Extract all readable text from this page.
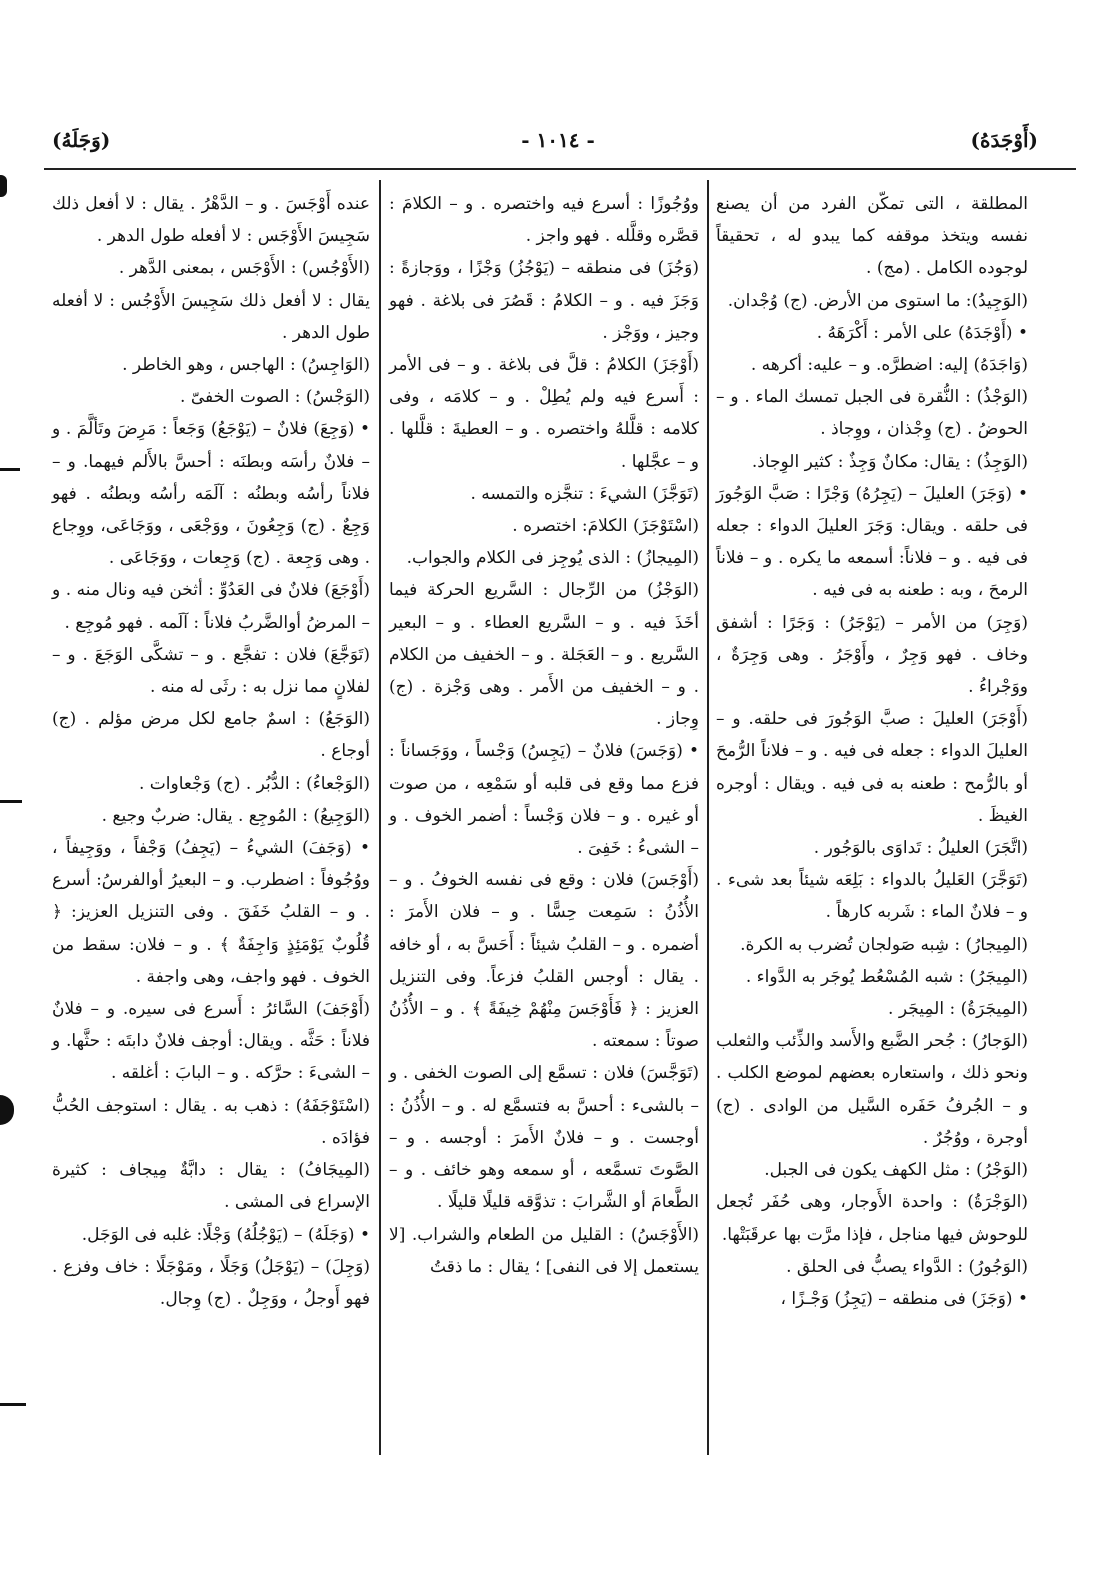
(أَوْجَدَهُ)
- ١٠١٤ -
(وَجَلَهُ)

المطلقة ، التى تمكّن الفرد من أن يصنع نفسه ويتخذ موقفه كما يبدو له ، تحقيقاً لوجوده الكامل . (مج) .

(الوَجِيدُ): ما استوى من الأرض. (ج) وُجْدان.

• (أَوْجَدَهُ) على الأمر : أَكْرَهَهُ .

(وَاجَدَهُ) إليه: اضطرَّه. و – عليه: أكرهه .

(الوَجْذُ) : النُّقرة فى الجبل تمسك الماء . و – الحوضُ . (ج) وِجْذان ، ووِجاذ .

(الوَجِذُ) : يقال: مكانٌ وَجِذٌ : كثير الوِجاذ.

• (وَجَرَ) العليلَ – (يَجِرُهُ) وَجْرًا : صَبَّ الوَجُورَ فى حلقه . ويقال: وَجَرَ العليلَ الدواء : جعله فى فيه . و – فلاناً: أسمعه ما يكره . و – فلاناً الرمحَ ، وبه : طعنه به فى فيه .

(وَجِرَ) من الأمر – (يَوْجَرُ) : وَجَرًا : أشفق وخاف . فهو وَجِرٌ ، وأَوْجَرُ . وهى وَجِرَةٌ ، ووَجْراءُ .

(أَوْجَرَ) العليلَ : صبَّ الوَجُورَ فى حلقه. و – العليلَ الدواء : جعله فى فيه . و – فلاناً الرُّمحَ أو بالرُّمح : طعنه به فى فيه . ويقال : أوجره الغيظَ .

(اتَّجَرَ) العليلُ : تَداوَى بالوَجُور .

(تَوَجَّرَ) العَليلُ بالدواء : بَلِعَه شيئاً بعد شىء . و – فلانٌ الماء : شَربه كارهاً .

(المِيجارُ) : شِبه صَولجان تُضرب به الكرة.

(المِيجَرُ) : شبه المُسْعُط يُوجَر به الدَّواء .

(المِيجَرَةُ) : المِيجَر .

(الوَجارُ) : جُحر الضَّبع والأَسد والذِّئب والثعلب ونحو ذلك ، واستعاره بعضهم لموضع الكلب . و – الجُرفُ حَفَره السَّيل من الوادى . (ج) أوجرة ، ووُجُرٌ .

(الوَجْرُ) : مثل الكهف يكون فى الجبل.

(الوَجْرَةُ) : واحدة الأَوجار، وهى حُفَر تُجعل للوحوش فيها مناجل ، فإذا مرَّت بها عرقَبَتْها.

(الوَجُورُ) : الدَّواء يصبُّ فى الحلق .

• (وَجَزَ) فى منطقه – (يَجِزُ) وَجْـزًا ،

ووُجُوزًا : أسرع فيه واختصره . و – الكلامَ : قصَّره وقلَّله . فهو واجز .

(وَجُزَ) فى منطقه – (يَوْجُزُ) وَجْزًا ، ووَجازةً : وَجَزَ فيه . و – الكلامُ : قَصُرَ فى بلاغة . فهو وجيز ، ووَجْز .

(أَوْجَزَ) الكلامُ : قلَّ فى بلاغة . و – فى الأمر : أَسرع فيه ولم يُطِلْ . و – كلامَه ، وفى كلامه : قلَّلهُ واختصره . و – العطيةَ : قلَّلها . و – عجَّلها .

(تَوَجَّزَ) الشيءَ : تنجَّزه والتمسه .

(اسْتَوْجَزَ) الكلامَ: اختصره .

(المِيجازُ) : الذى يُوجِز فى الكلام والجواب.

(الوَجْزُ) من الرِّجال : السَّريع الحركة فيما أخَذَ فيه . و – السَّريع العطاء . و – البعير السَّريع . و – العَجَلة . و – الخفيف من الكلام . و – الخفيف من الأَمر . وهى وَجْزة . (ج) وِجاز .

• (وَجَسَ) فلانٌ – (يَجِسُ) وَجْساً ، ووَجَساناً : فزع مما وقع فى قلبه أو سَمْعِه ، من صوت أو غيره . و – فلان وَجْساً : أضمر الخوف . و – الشىءُ : خَفِىَ .

(أَوْجَسَ) فلان : وقع فى نفسه الخوفُ . و – الأُذُنُ : سَمِعت حِسًّا . و – فلان الأَمرَ : أضمره . و – القلبُ شيئاً : أَحَسَّ به ، أو خافه . يقال : أوجس القلبُ فزعاً. وفى التنزيل العزيز : ﴿ فَأَوْجَسَ مِنْهُمْ خِيفَةً ﴾ . و – الأُذُنُ صوتاً : سمعته .

(تَوَجَّسَ) فلان : تسمَّع إلى الصوت الخفى . و – بالشىء : أحسَّ به فتسمَّع له . و – الأُذُنُ : أوجست . و – فلانٌ الأَمرَ : أوجسه . و – الصَّوتَ تسمَّعه ، أو سمعه وهو خائف . و – الطَّعامَ أو الشَّرابَ : تذوَّقه قليلًا قليلًا .

(الأَوْجَسُ) : القليل من الطعام والشراب. [لا يستعمل إلا فى النفى] ؛ يقال : ما ذقتُ

عنده أَوْجَسَ . و – الدَّهْرُ . يقال : لا أفعل ذلك سَجِيسَ الأَوْجَس : لا أفعله طول الدهر .

(الأَوْجُس) : الأَوْجَس ، بمعنى الدَّهر .

يقال : لا أفعل ذلك سَجِيسَ الأَوْجُس : لا أفعله طول الدهر .

(الوَاجِسُ) : الهاجس ، وهو الخاطر .

(الوَجْسُ) : الصوت الخفىّ .

• (وَجِعَ) فلانٌ – (يَوْجَعُ) وَجَعاً : مَرِضَ وتَألَّمَ . و – فلانٌ رأسَه وبطنَه : أحسَّ بالأَلم فيهما. و – فلاناً رأسُه وبطنُه : آلَمَه رأسُه وبطنُه . فهو وَجِعٌ . (ج) وَجِعُونَ ، ووَجْعَى ، ووَجَاعَى، ووِجاع . وهى وَجِعة . (ج) وَجِعات ، ووَجَاعَى .

(أَوْجَعَ) فلانٌ فى العَدُوِّ : أثخن فيه ونال منه . و – المرضُ أوالضَّربُ فلاناً : آلَمه . فهو مُوجِع .

(تَوَجَّعَ) فلان : تفجَّع . و – تشكَّى الوَجَعَ . و – لفلانٍ مما نزل به : رثَى له منه .

(الوَجَعُ) : اسمٌ جامع لكل مرض مؤلم . (ج) أوجاع .

(الوَجْعاءُ) : الدُّبُر . (ج) وَجْعاوات .

(الوَجِيعُ) : المُوجِع . يقال: ضربٌ وجيع .

• (وَجَفَ) الشيءُ – (يَجِفُ) وَجْفاً ، ووَجِيفاً ، ووُجُوفاً : اضطرب. و – البعيرُ أوالفرسُ: أسرع . و – القلبُ خَفَقَ . وفى التنزيل العزيز: ﴿ قُلُوبٌ يَوْمَئِذٍ وَاجِفَةٌ ﴾ . و – فلان: سقط من الخوف . فهو واجف، وهى واجفة .

(أَوْجَفَ) السَّائرُ : أَسرع فى سيره. و – فلانٌ فلاناً : حَثَّه . ويقال: أوجف فلانٌ دابتَه : حثَّها. و – الشىءَ : حرَّكه . و – البابَ : أغلقه .

(اسْتَوْجَفَهُ) : ذهب به . يقال : استوجف الحُبُّ فؤادَه .

(المِيجَافُ) : يقال : دابَّةٌ مِيجاف : كثيرة الإسراع فى المشى .

• (وَجَلَهُ) – (يَوْجُلُهُ) وَجْلًا: غلبه فى الوَجَل.

(وَجِلَ) – (يَوْجَلُ) وَجَلًا ، ومَوْجَلًا : خاف وفزع . فهو أَوجلُ ، ووَجِلٌ . (ج) وِجال.
